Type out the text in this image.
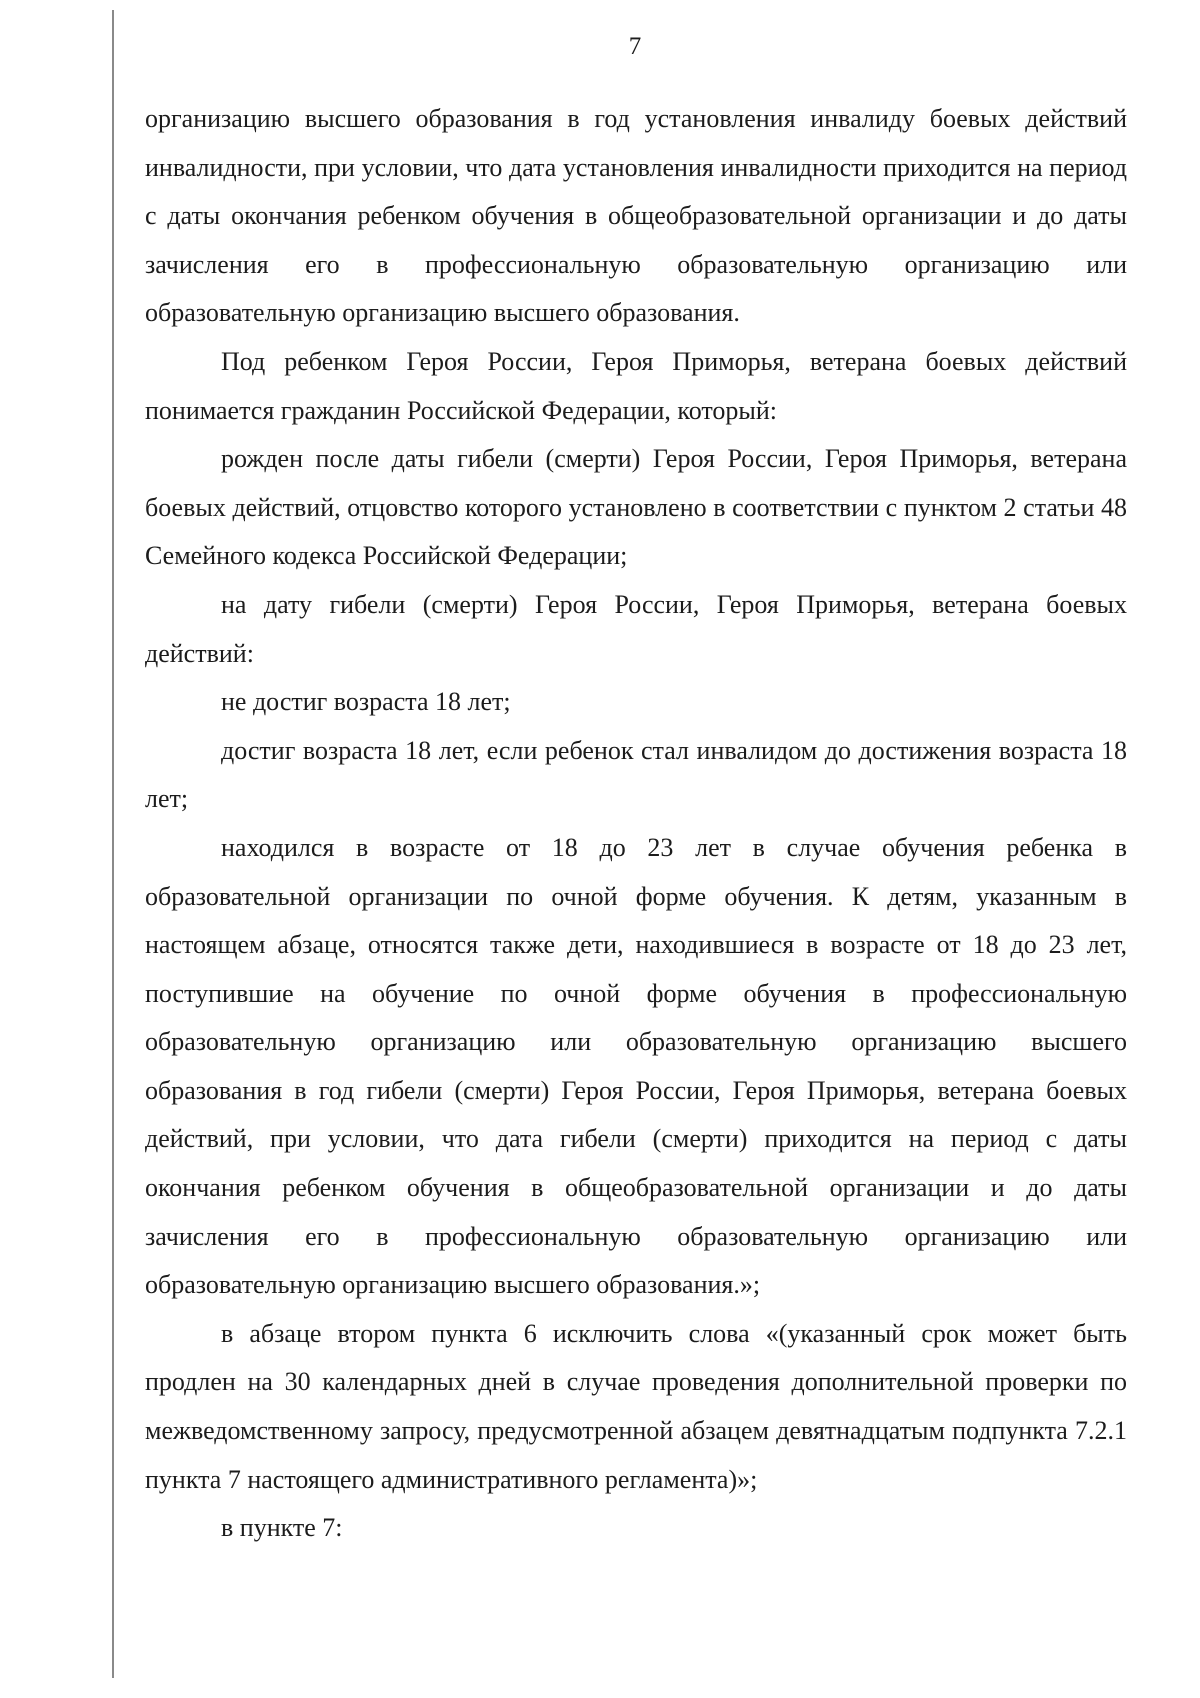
7

организацию высшего образования в год установления инвалиду боевых действий инвалидности, при условии, что дата установления инвалидности приходится на период с даты окончания ребенком обучения в общеобразовательной организации и до даты зачисления его в профессиональную образовательную организацию или образовательную организацию высшего образования.

Под ребенком Героя России, Героя Приморья, ветерана боевых действий понимается гражданин Российской Федерации, который:

рожден после даты гибели (смерти) Героя России, Героя Приморья, ветерана боевых действий, отцовство которого установлено в соответствии с пунктом 2 статьи 48 Семейного кодекса Российской Федерации;

на дату гибели (смерти) Героя России, Героя Приморья, ветерана боевых действий:

не достиг возраста 18 лет;

достиг возраста 18 лет, если ребенок стал инвалидом до достижения возраста 18 лет;

находился в возрасте от 18 до 23 лет в случае обучения ребенка в образовательной организации по очной форме обучения. К детям, указанным в настоящем абзаце, относятся также дети, находившиеся в возрасте от 18 до 23 лет, поступившие на обучение по очной форме обучения в профессиональную образовательную организацию или образовательную организацию высшего образования в год гибели (смерти) Героя России, Героя Приморья, ветерана боевых действий, при условии, что дата гибели (смерти) приходится на период с даты окончания ребенком обучения в общеобразовательной организации и до даты зачисления его в профессиональную образовательную организацию или образовательную организацию высшего образования.»;

в абзаце втором пункта 6 исключить слова «(указанный срок может быть продлен на 30 календарных дней в случае проведения дополнительной проверки по межведомственному запросу, предусмотренной абзацем девятнадцатым подпункта 7.2.1 пункта 7 настоящего административного регламента)»;

в пункте 7:
